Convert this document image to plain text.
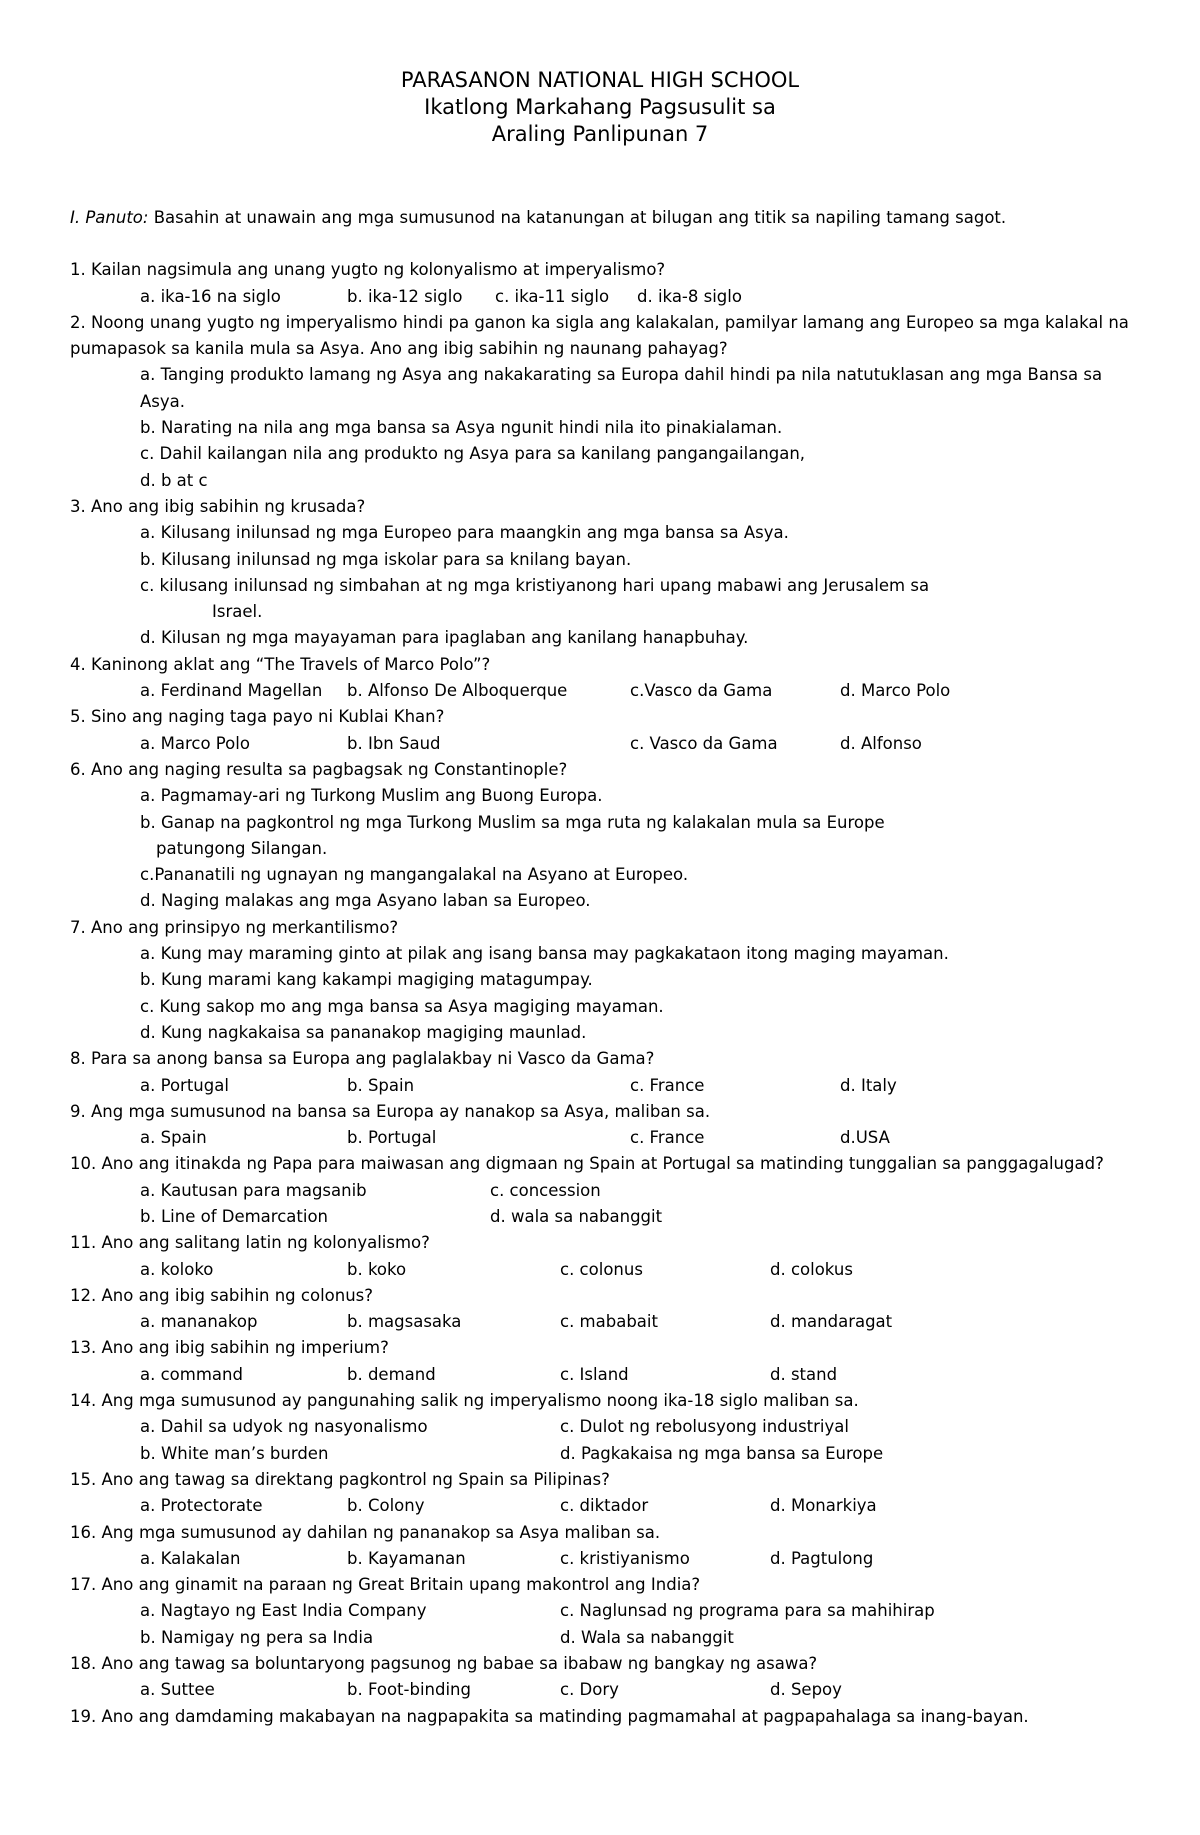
PARASANON NATIONAL HIGH SCHOOL
Ikatlong Markahang Pagsusulit sa
Araling Panlipunan 7
I. Panuto: Basahin at unawain ang mga sumusunod na katanungan at bilugan ang titik sa napiling tamang sagot.
1. Kailan nagsimula ang unang yugto ng kolonyalismo at imperyalismo?
a. ika-16 na siglo	b. ika-12 siglo c. ika-11 siglo d. ika-8 siglo
2. Noong unang yugto ng imperyalismo hindi pa ganon ka sigla ang kalakalan, pamilyar lamang ang Europeo sa mga kalakal na pumapasok sa kanila mula sa Asya. Ano ang ibig sabihin ng naunang pahayag?
a. Tanging produkto lamang ng Asya ang nakakarating sa Europa dahil hindi pa nila natutuklasan ang mga Bansa sa Asya.
b. Narating na nila ang mga bansa sa Asya ngunit hindi nila ito pinakialaman.
c. Dahil kailangan nila ang produkto ng Asya para sa kanilang pangangailangan,
d. b at c
3. Ano ang ibig sabihin ng krusada?
a. Kilusang inilunsad ng mga Europeo para maangkin ang mga bansa sa Asya.
b. Kilusang inilunsad ng mga iskolar para sa knilang bayan.
c. kilusang inilunsad ng simbahan at ng mga kristiyanong hari upang mabawi ang Jerusalem sa
Israel.
d. Kilusan ng mga mayayaman para ipaglaban ang kanilang hanapbuhay.
4. Kaninong aklat ang “The Travels of Marco Polo”?
a. Ferdinand Magellan b. Alfonso De Alboquerque	c.Vasco da Gama	d. Marco Polo
5. Sino ang naging taga payo ni Kublai Khan?
a. Marco Polo	b. Ibn Saud	c. Vasco da Gama	d. Alfonso
6. Ano ang naging resulta sa pagbagsak ng Constantinople?
a. Pagmamay-ari ng Turkong Muslim ang Buong Europa.
b. Ganap na pagkontrol ng mga Turkong Muslim sa mga ruta ng kalakalan mula sa Europe
patungong Silangan.
c.Pananatili ng ugnayan ng mangangalakal na Asyano at Europeo.
d. Naging malakas ang mga Asyano laban sa Europeo.
7. Ano ang prinsipyo ng merkantilismo?
a. Kung may maraming ginto at pilak ang isang bansa may pagkakataon itong maging mayaman.
b. Kung marami kang kakampi magiging matagumpay.
c. Kung sakop mo ang mga bansa sa Asya magiging mayaman.
d. Kung nagkakaisa sa pananakop magiging maunlad.
8. Para sa anong bansa sa Europa ang paglalakbay ni Vasco da Gama?
a. Portugal	b. Spain	c. France	d. Italy
9. Ang mga sumusunod na bansa sa Europa ay nanakop sa Asya, maliban sa.
a. Spain	b. Portugal	c. France	d.USA
10. Ano ang itinakda ng Papa para maiwasan ang digmaan ng Spain at Portugal sa matinding tunggalian sa panggagalugad?
a. Kautusan para magsanib	c. concession
b. Line of Demarcation	d. wala sa nabanggit
11. Ano ang salitang latin ng kolonyalismo?
a. koloko	b. koko	c. colonus	d. colokus
12. Ano ang ibig sabihin ng colonus?
a. mananakop	b. magsasaka	c. mababait	d. mandaragat
13. Ano ang ibig sabihin ng imperium?
a. command	b. demand	c. Island	d. stand
14. Ang mga sumusunod ay pangunahing salik ng imperyalismo noong ika-18 siglo maliban sa.
a. Dahil sa udyok ng nasyonalismo	c. Dulot ng rebolusyong industriyal
b. White man’s burden	d. Pagkakaisa ng mga bansa sa Europe
15. Ano ang tawag sa direktang pagkontrol ng Spain sa Pilipinas?
a. Protectorate	b. Colony	c. diktador	d. Monarkiya
16. Ang mga sumusunod ay dahilan ng pananakop sa Asya maliban sa.
a. Kalakalan	b. Kayamanan	c. kristiyanismo	d. Pagtulong
17. Ano ang ginamit na paraan ng Great Britain upang makontrol ang India?
a. Nagtayo ng East India Company	c. Naglunsad ng programa para sa mahihirap
b. Namigay ng pera sa India	d. Wala sa nabanggit
18. Ano ang tawag sa boluntaryong pagsunog ng babae sa ibabaw ng bangkay ng asawa?
a. Suttee	b. Foot-binding	c. Dory	d. Sepoy
19. Ano ang damdaming makabayan na nagpapakita sa matinding pagmamahal at pagpapahalaga sa inang-bayan.
